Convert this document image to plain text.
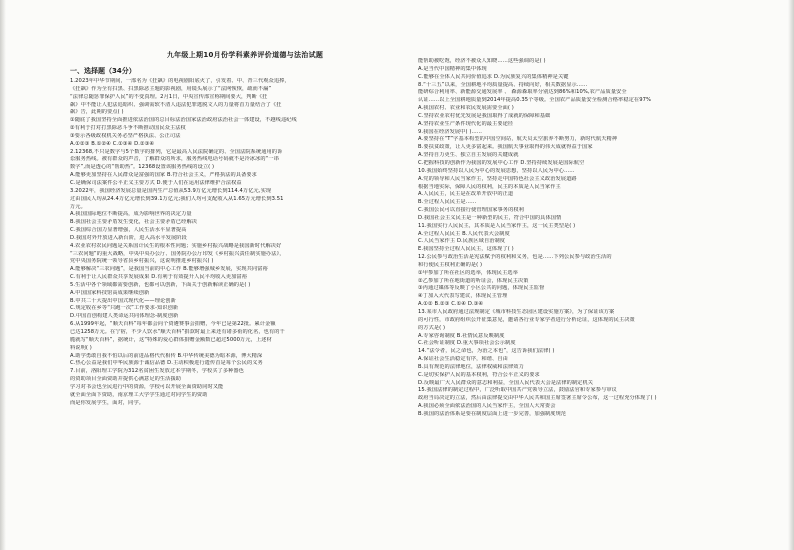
九年级上期10月份学科素养评价道德与法治试题
一、选择题（34分）
1.2023年中华节期间，一部名为《狂飙》的电视剧阳底火了，引发着、中、青三代观众追捧，
《狂飙》作为全有扫黑、扫黑除恶主题的影视剧，用镜头展示了“法网恢恢，疏而不漏”
“法律总随惩罪保护人民”的不变真理。2月1日，中央宣传部宣称期间要大，判断《狂
飙》中不能让人犯法追暗织、强调需软不清人违法犯罪逃脱文人的力量将首力量结合了《狂
飙》告，此期的要点( )
①随底了我国坚持全面推进依法治国的总目标法治国家法治政府法治社会一体建设，不越线违纪线
②有利于打对打黑除恶斗争不断推动国民众主法权
③要示各级政权机关务必坚严格执法、公正司法
A.①②③ B.①②④ C.①③④ D.②③④
2.12368,不只是数字与5个数字的排列，它是最高人民法院确定的、全国法院系统通用的诉
讼服务热线。被有群众的声音，了解群众的所求，服务热线电话号码就不是冷冰冰的“一串
数字”,而是透心的“帮助热”。12368设置该服务热线的设立( )
A.能够更加坚持在人民群众是富强的国家 B.符合社会主义，严格执法的具备要求
C.是确保司法案件公平正义主要方式 D.便于人们在运用法律维护合法权益
3.2022年，我国经济发展总量是国内生产总值从53.9万亿元增长到114.4万亿元,实现
过由国民人均从24.4万亿元增长到39.1万亿元;我们人均可支配收入从1.65万元增长到3.51
万元。
A.我国国际地位不断提高，成为影响世界的决定力量
B.我国社会主要矛盾发生变化，社会主要矛盾已经解决
C.我国综合国力显著增强，人民生活水平显著提高
D.我国对外开放进入新台阶，进入高水平发展阶段
4.农业农村农民问题是关系国计民生的根本性问题；实施乡村振兴战略是我国新时代解决好
“三农问题”的重大战略，中央中央办公厅、国务院办公厅印发《乡村振兴责任制实施办法》，
党中央国务院统一领导省县乡村振兴，这说明推进乡村振兴( )
A.能够解决“三农问题”，是我国当前的中心工作 B.能够增强城乡发展，实现共同富裕
C.有利于让人民群众共享发展成果 D.有利于有效提升人民平均收入更加富裕
5.生活中各个领域都需要创新，也都可以创新，下面关于创新解读正确的是( )
A.中国国家科技馆高成果继续创新
B.中共二十大提出中国式现代化——理论创新
C.规定收在乡等“只跑一次”工作要求-知识创新
D.中国首创构建人类命运共同体理念-制度创新
6.从1999年起，“顺天百科”每年都会向个资遴赛事会捐赠，今年已是第22批。累计金额
已达1258万元。在宁宿，不少人饮水“顺天百科”捐款时最上来还有诸多衔的化名，也有的干
脆就写“顺天百科”，据统计，这“特殊的爱心群体捐赠金额数已超过5000万元，上述材
料说明( )
A.助学勇敢自我不怕以后的前进品格代代相传 B.中华传统美德为暗本源，博大精深
C.热心公益是我们中华民族源于诚信品德 D.主动积极进行遗传首是每个公民的义务
7.目前，洛阳理工学院为312名贫困生发放过本学期冬，学校买了多种器色
的资助项目全面资助并提供心满意足的生活援助
学习对书会也全民进行中的资源，学校可以开展全面资助同时又能
就全面全面下资助，南京理工大学学生通过对同学生的资助
而是你发展学生，面对，同学。
能帮助被吃饱，经济不被众人知晓……这些强调的是( )
A.是当代中国精神的集中体现
C.能够在全体人民共同价值追求 D.为民族复兴的集体精神是关键
8.“十三五”以来，全国耕地平均质量提高、持续向好，相关数据显示……
能研综合利用率、新能源交通发展率 、 森源森取率分别达到86%和10%,农产品质量安全
认证……以上全国耕地质量到2014年提高0.35个等级。全国农产品质量安全检测合格率稳定在97%
A.我国农村、农业和农民发展需要全面( )
C.坚持农业农村优先发展是我国取得了成就的保障和基础
A.坚持农业生产条件现代化的最主要途径
9.我国在经济发展中( )……
A.要坚持在“T”字基本构型的中国空间站，航天员太空旅养不断努力，新时代航天精神
B.要扶贫政策，让人更多富起来。我国航天事业取得的伟大成就得益于国家
A.坚持自力更生、独立自主发展的关键成就
C.把握科技的创新作为我国的发展中心工作 D.坚持持续发展是国际航空
10.我国始终坚持以人民为中心的发展思想，坚持以人民为中心……
A.党的领导和人民当家作主，坚持走中国特色社会主义政治发展道路
根据当地实际，保障人民的权利，民主的本质是人民当家作主
A.人民民主，民主是在改革开放中的正道
B.全过程人民民主是……
C.我国公民可以直接行使管理国家事务的权利
D.我国社会主义民主是一种新型的民主，符合中国的具体国情
11.我国实行人民民主，其本质是人民当家作主，这一民主类型是( )
A.全过程人民民主 B.人民代表大会制度
C.人民当家作主 D.民族区域自治制度
E.我国坚持全过程人民民主，这体现了( )
12.公民参与政治生活是宪法赋予的权利和义务，也是……下列公民参与政治生活的
和行使民主权利正确的是( )
①甲参加了所在社区的选举，体现民主选举
②乙参加了所在地街道的听证会，体现民主决策
③丙通过媒体等反映了小区公共的问题，体现民主监督
④丁加入大代表写建议，体现民主管理
A.①② B.②③ C.①④ D.③④
13.某市人民政府通过法规制定《城市科技生态园区建设实施方案》，为了保证该方案
的可行性，市政府组织公开征集意见，邀请各行业专家学者进行分析论证，这体现的民主决策
的方式是( )
A.专家咨询制度 B.社情民意反映制度
C.社会听证制度 D.重大事项社会公示制度
14.“法令者，民之命也，为治之本也”，这告诉我们法律( )
A.保证社会生活稳定有序，和谐、自由
B.具有规范的法律地位，法律权威和法律效力
C.是切实保护人民的基本权利，符合公平正义的要求
D.反映最广大人民群众的意志和利益，全国人民代表大会是法律的制定机关
15.我国法律的制定过程中，广泛听取中国共产党领导立法，鼓励法官和专家参与审议
政府当局决定的立法，然后由法律提交由中华人民共和国主席签署主席令公布，这一过程充分体现了( )
A.我国必须全面依法治国的人民当家作主，全国人大常委会
B.我国的法治体系是要在制度层面上进一步完善，加强制度规范
